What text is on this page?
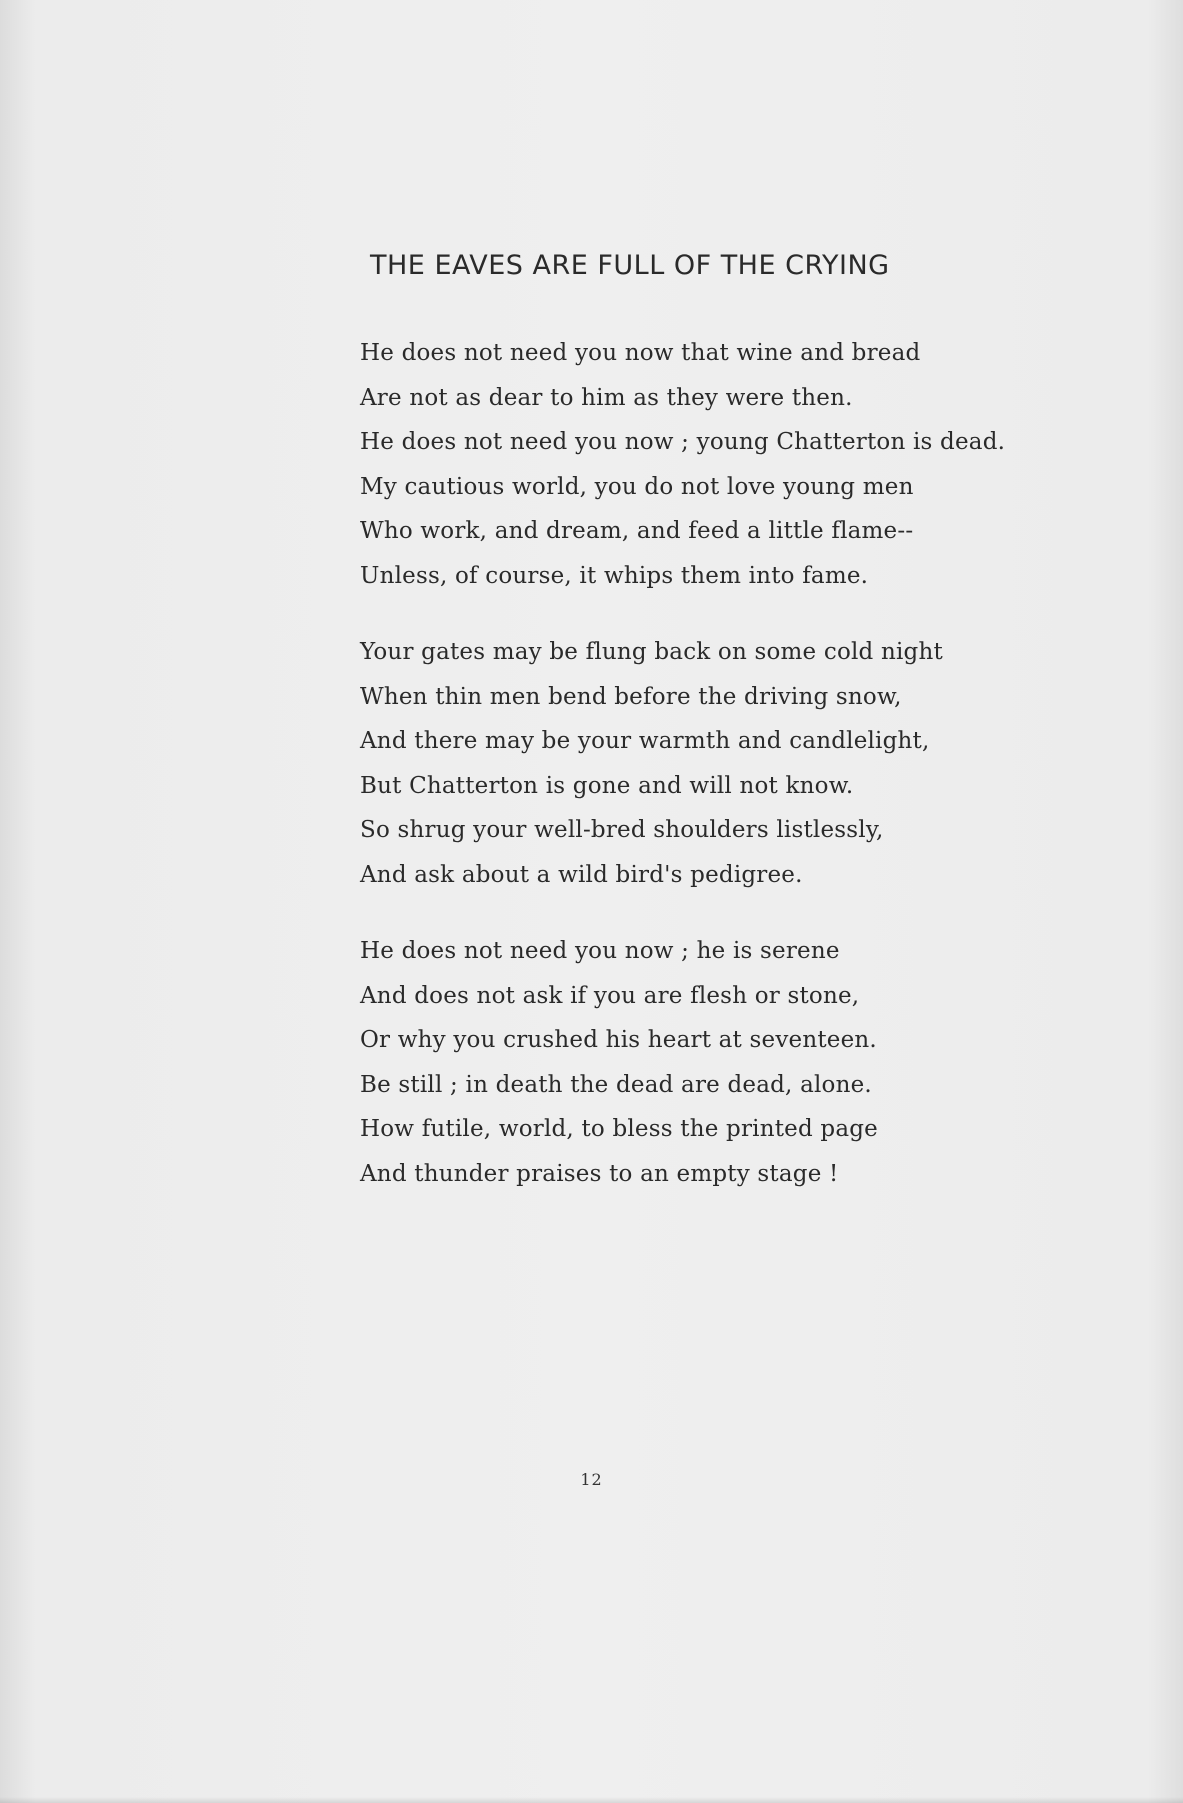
THE EAVES ARE FULL OF THE CRYING
He does not need you now that wine and bread
Are not as dear to him as they were then.
He does not need you now ; young Chatterton is dead.
My cautious world, you do not love young men
Who work, and dream, and feed a little flame--
Unless, of course, it whips them into fame.
Your gates may be flung back on some cold night
When thin men bend before the driving snow,
And there may be your warmth and candlelight,
But Chatterton is gone and will not know.
So shrug your well-bred shoulders listlessly,
And ask about a wild bird's pedigree.
He does not need you now ; he is serene
And does not ask if you are flesh or stone,
Or why you crushed his heart at seventeen.
Be still ; in death the dead are dead, alone.
How futile, world, to bless the printed page
And thunder praises to an empty stage !
12
